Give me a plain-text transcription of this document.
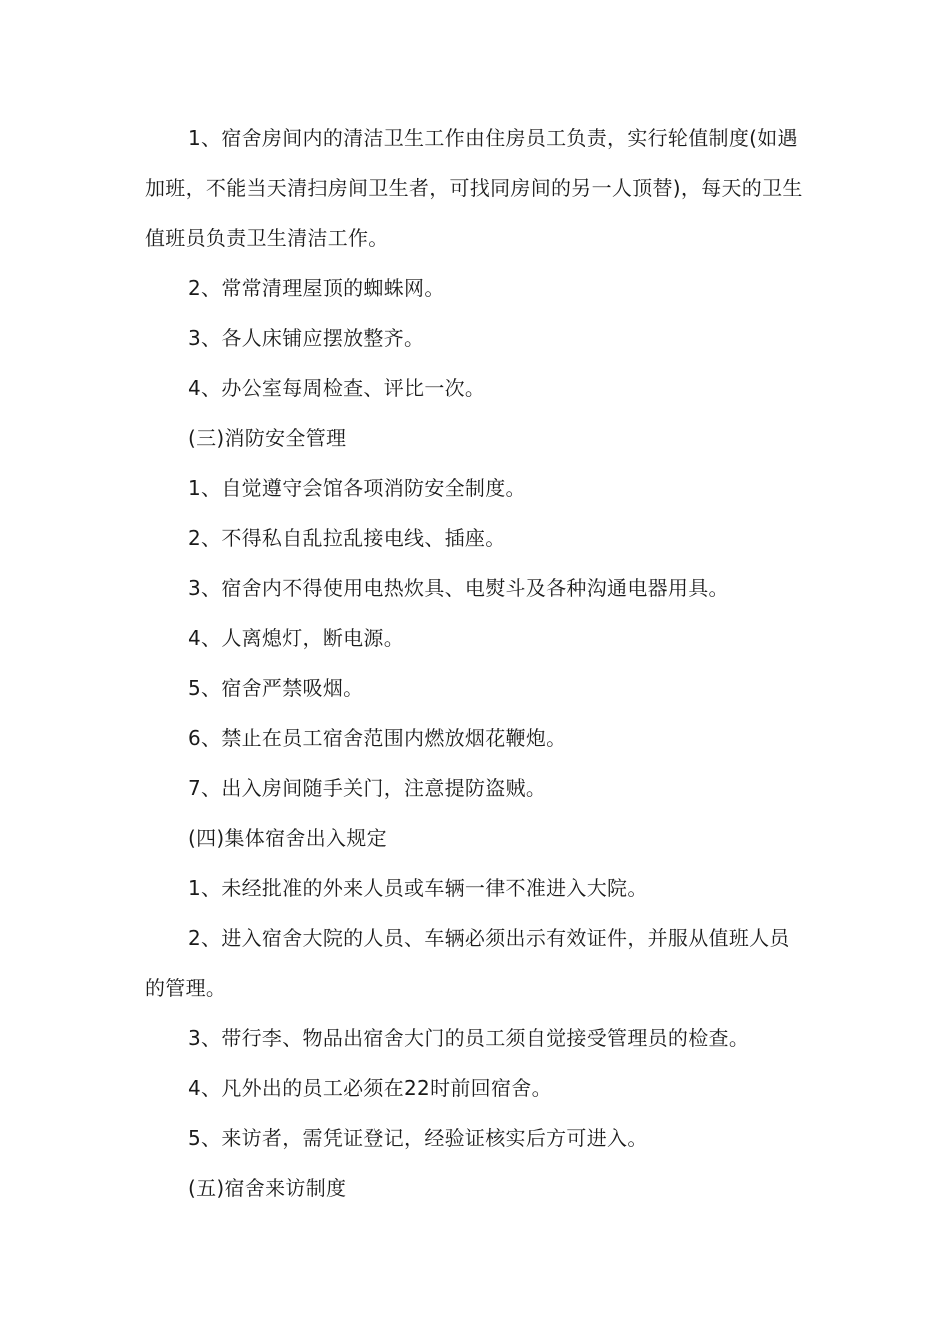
1、宿舍房间内的清洁卫生工作由住房员工负责，实行轮值制度(如遇加班，不能当天清扫房间卫生者，可找同房间的另一人顶替)，每天的卫生值班员负责卫生清洁工作。

2、常常清理屋顶的蜘蛛网。

3、各人床铺应摆放整齐。

4、办公室每周检查、评比一次。

(三)消防安全管理

1、自觉遵守会馆各项消防安全制度。

2、不得私自乱拉乱接电线、插座。

3、宿舍内不得使用电热炊具、电熨斗及各种沟通电器用具。

4、人离熄灯，断电源。

5、宿舍严禁吸烟。

6、禁止在员工宿舍范围内燃放烟花鞭炮。

7、出入房间随手关门，注意提防盗贼。

(四)集体宿舍出入规定

1、未经批准的外来人员或车辆一律不准进入大院。

2、进入宿舍大院的人员、车辆必须出示有效证件，并服从值班人员的管理。

3、带行李、物品出宿舍大门的员工须自觉接受管理员的检查。

4、凡外出的员工必须在22时前回宿舍。

5、来访者，需凭证登记，经验证核实后方可进入。

(五)宿舍来访制度
